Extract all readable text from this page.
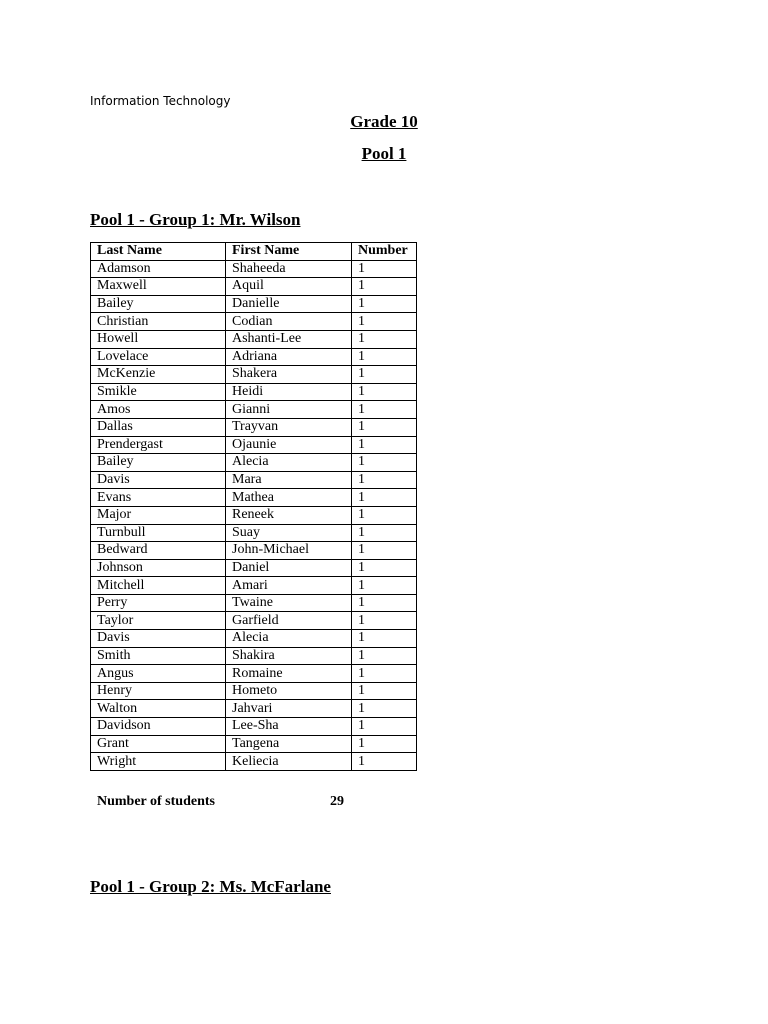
Information Technology
Grade 10
Pool 1
Pool 1 - Group 1: Mr. Wilson
Last Name	First Name	Number
Adamson	Shaheeda	1
Maxwell	Aquil	1
Bailey	Danielle	1
Christian	Codian	1
Howell	Ashanti-Lee	1
Lovelace	Adriana	1
McKenzie	Shakera	1
Smikle	Heidi	1
Amos	Gianni	1
Dallas	Trayvan	1
Prendergast	Ojaunie	1
Bailey	Alecia	1
Davis	Mara	1
Evans	Mathea	1
Major	Reneek	1
Turnbull	Suay	1
Bedward	John-Michael	1
Johnson	Daniel	1
Mitchell	Amari	1
Perry	Twaine	1
Taylor	Garfield	1
Davis	Alecia	1
Smith	Shakira	1
Angus	Romaine	1
Henry	Hometo	1
Walton	Jahvari	1
Davidson	Lee-Sha	1
Grant	Tangena	1
Wright	Keliecia	1
Number of students	29
Pool 1 - Group 2: Ms. McFarlane
